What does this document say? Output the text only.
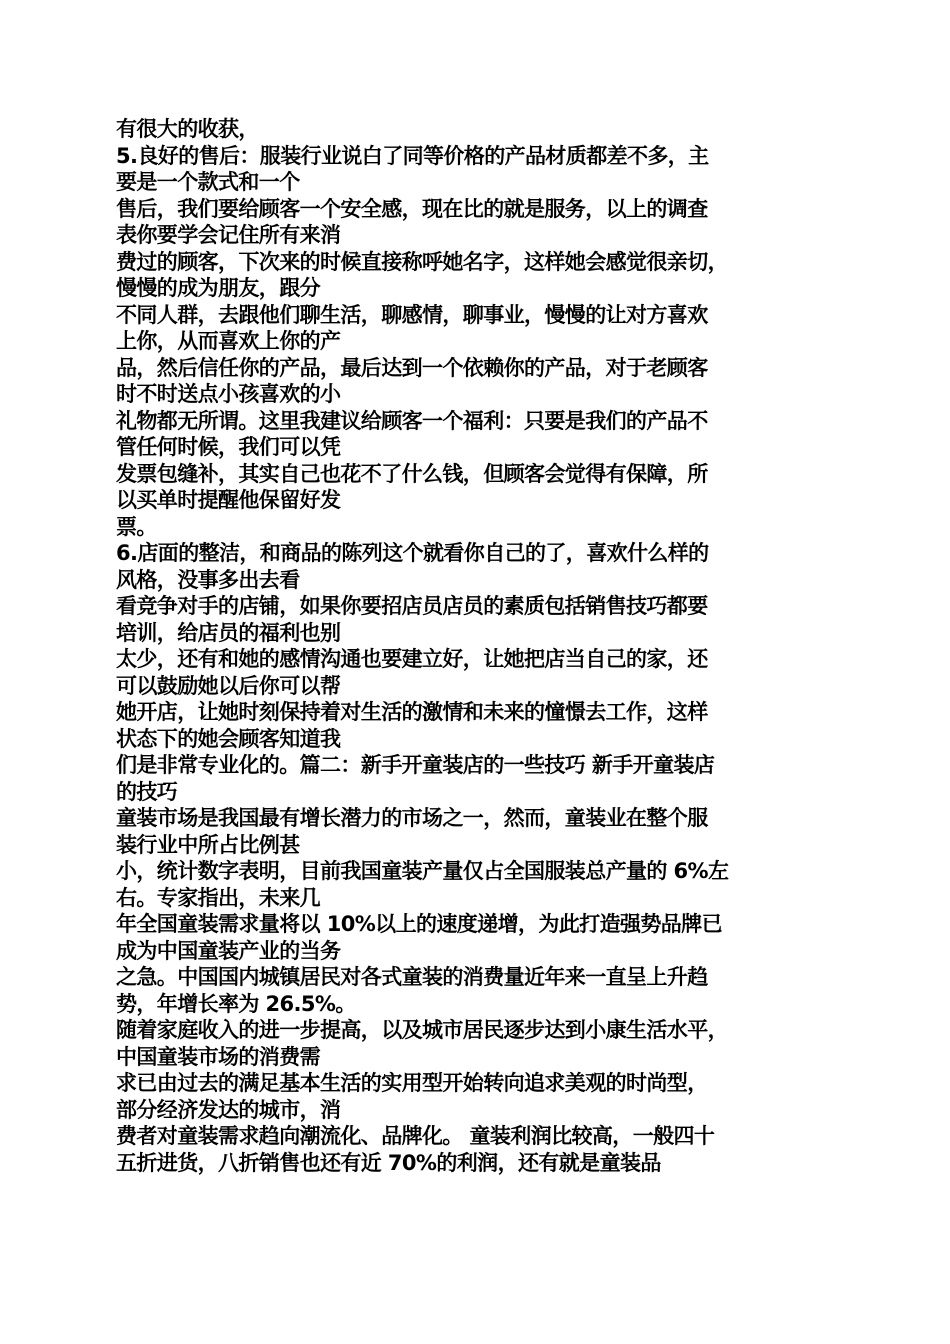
有很大的收获，
5.良好的售后：服装行业说白了同等价格的产品材质都差不多，主
要是一个款式和一个
售后，我们要给顾客一个安全感，现在比的就是服务，以上的调查
表你要学会记住所有来消
费过的顾客，下次来的时候直接称呼她名字，这样她会感觉很亲切，
慢慢的成为朋友，跟分
不同人群，去跟他们聊生活，聊感情，聊事业，慢慢的让对方喜欢
上你，从而喜欢上你的产
品，然后信任你的产品，最后达到一个依赖你的产品，对于老顾客
时不时送点小孩喜欢的小
礼物都无所谓。这里我建议给顾客一个福利：只要是我们的产品不
管任何时候，我们可以凭
发票包缝补，其实自己也花不了什么钱，但顾客会觉得有保障，所
以买单时提醒他保留好发
票。
6.店面的整洁，和商品的陈列这个就看你自己的了，喜欢什么样的
风格，没事多出去看
看竞争对手的店铺，如果你要招店员店员的素质包括销售技巧都要
培训，给店员的福利也别
太少，还有和她的感情沟通也要建立好，让她把店当自己的家，还
可以鼓励她以后你可以帮
她开店，让她时刻保持着对生活的激情和未来的憧憬去工作，这样
状态下的她会顾客知道我
们是非常专业化的。篇二：新手开童装店的一些技巧 新手开童装店
的技巧
童装市场是我国最有增长潜力的市场之一，然而，童装业在整个服
装行业中所占比例甚
小，统计数字表明，目前我国童装产量仅占全国服装总产量的 6%左
右。专家指出，未来几
年全国童装需求量将以 10%以上的速度递增，为此打造强势品牌已
成为中国童装产业的当务
之急。中国国内城镇居民对各式童装的消费量近年来一直呈上升趋
势，年增长率为 26.5%。
随着家庭收入的进一步提高，以及城市居民逐步达到小康生活水平，
中国童装市场的消费需
求已由过去的满足基本生活的实用型开始转向追求美观的时尚型，
部分经济发达的城市，消
费者对童装需求趋向潮流化、品牌化。 童装利润比较高，一般四十
五折进货，八折销售也还有近 70%的利润，还有就是童装品
